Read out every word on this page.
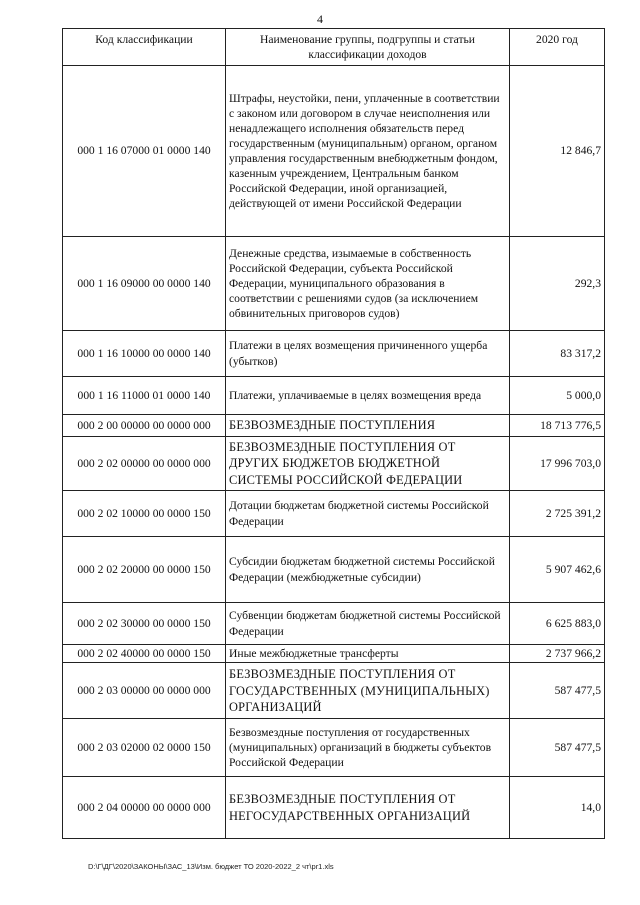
4
Код классификации	Наименование группы, подгруппы и статьи классификации доходов	2020 год
000 1 16 07000 01 0000 140	Штрафы, неустойки, пени, уплаченные в соответствии с законом или договором в случае неисполнения или ненадлежащего исполнения обязательств перед государственным (муниципальным) органом, органом управления государственным внебюджетным фондом, казенным учреждением, Центральным банком Российской Федерации, иной организацией, действующей от имени Российской Федерации	12 846,7
000 1 16 09000 00 0000 140	Денежные средства, изымаемые в собственность Российской Федерации, субъекта Российской Федерации, муниципального образования в соответствии с решениями судов (за исключением обвинительных приговоров судов)	292,3
000 1 16 10000 00 0000 140	Платежи в целях возмещения причиненного ущерба (убытков)	83 317,2
000 1 16 11000 01 0000 140	Платежи, уплачиваемые в целях возмещения вреда	5 000,0
000 2 00 00000 00 0000 000	БЕЗВОЗМЕЗДНЫЕ ПОСТУПЛЕНИЯ	18 713 776,5
000 2 02 00000 00 0000 000	БЕЗВОЗМЕЗДНЫЕ ПОСТУПЛЕНИЯ ОТ ДРУГИХ БЮДЖЕТОВ БЮДЖЕТНОЙ СИСТЕМЫ РОССИЙСКОЙ ФЕДЕРАЦИИ	17 996 703,0
000 2 02 10000 00 0000 150	Дотации бюджетам бюджетной системы Российской Федерации	2 725 391,2
000 2 02 20000 00 0000 150	Субсидии бюджетам бюджетной системы Российской Федерации (межбюджетные субсидии)	5 907 462,6
000 2 02 30000 00 0000 150	Субвенции бюджетам бюджетной системы Российской Федерации	6 625 883,0
000 2 02 40000 00 0000 150	Иные межбюджетные трансферты	2 737 966,2
000 2 03 00000 00 0000 000	БЕЗВОЗМЕЗДНЫЕ ПОСТУПЛЕНИЯ ОТ ГОСУДАРСТВЕННЫХ (МУНИЦИПАЛЬНЫХ) ОРГАНИЗАЦИЙ	587 477,5
000 2 03 02000 02 0000 150	Безвозмездные поступления от государственных (муниципальных) организаций в бюджеты субъектов Российской Федерации	587 477,5
000 2 04 00000 00 0000 000	БЕЗВОЗМЕЗДНЫЕ ПОСТУПЛЕНИЯ ОТ НЕГОСУДАРСТВЕННЫХ ОРГАНИЗАЦИЙ	14,0
D:\Г\ДГ\2020\ЗАКОНЫ\ЗАС_13\Изм. бюджет ТО 2020-2022_2 чт\pr1.xls
